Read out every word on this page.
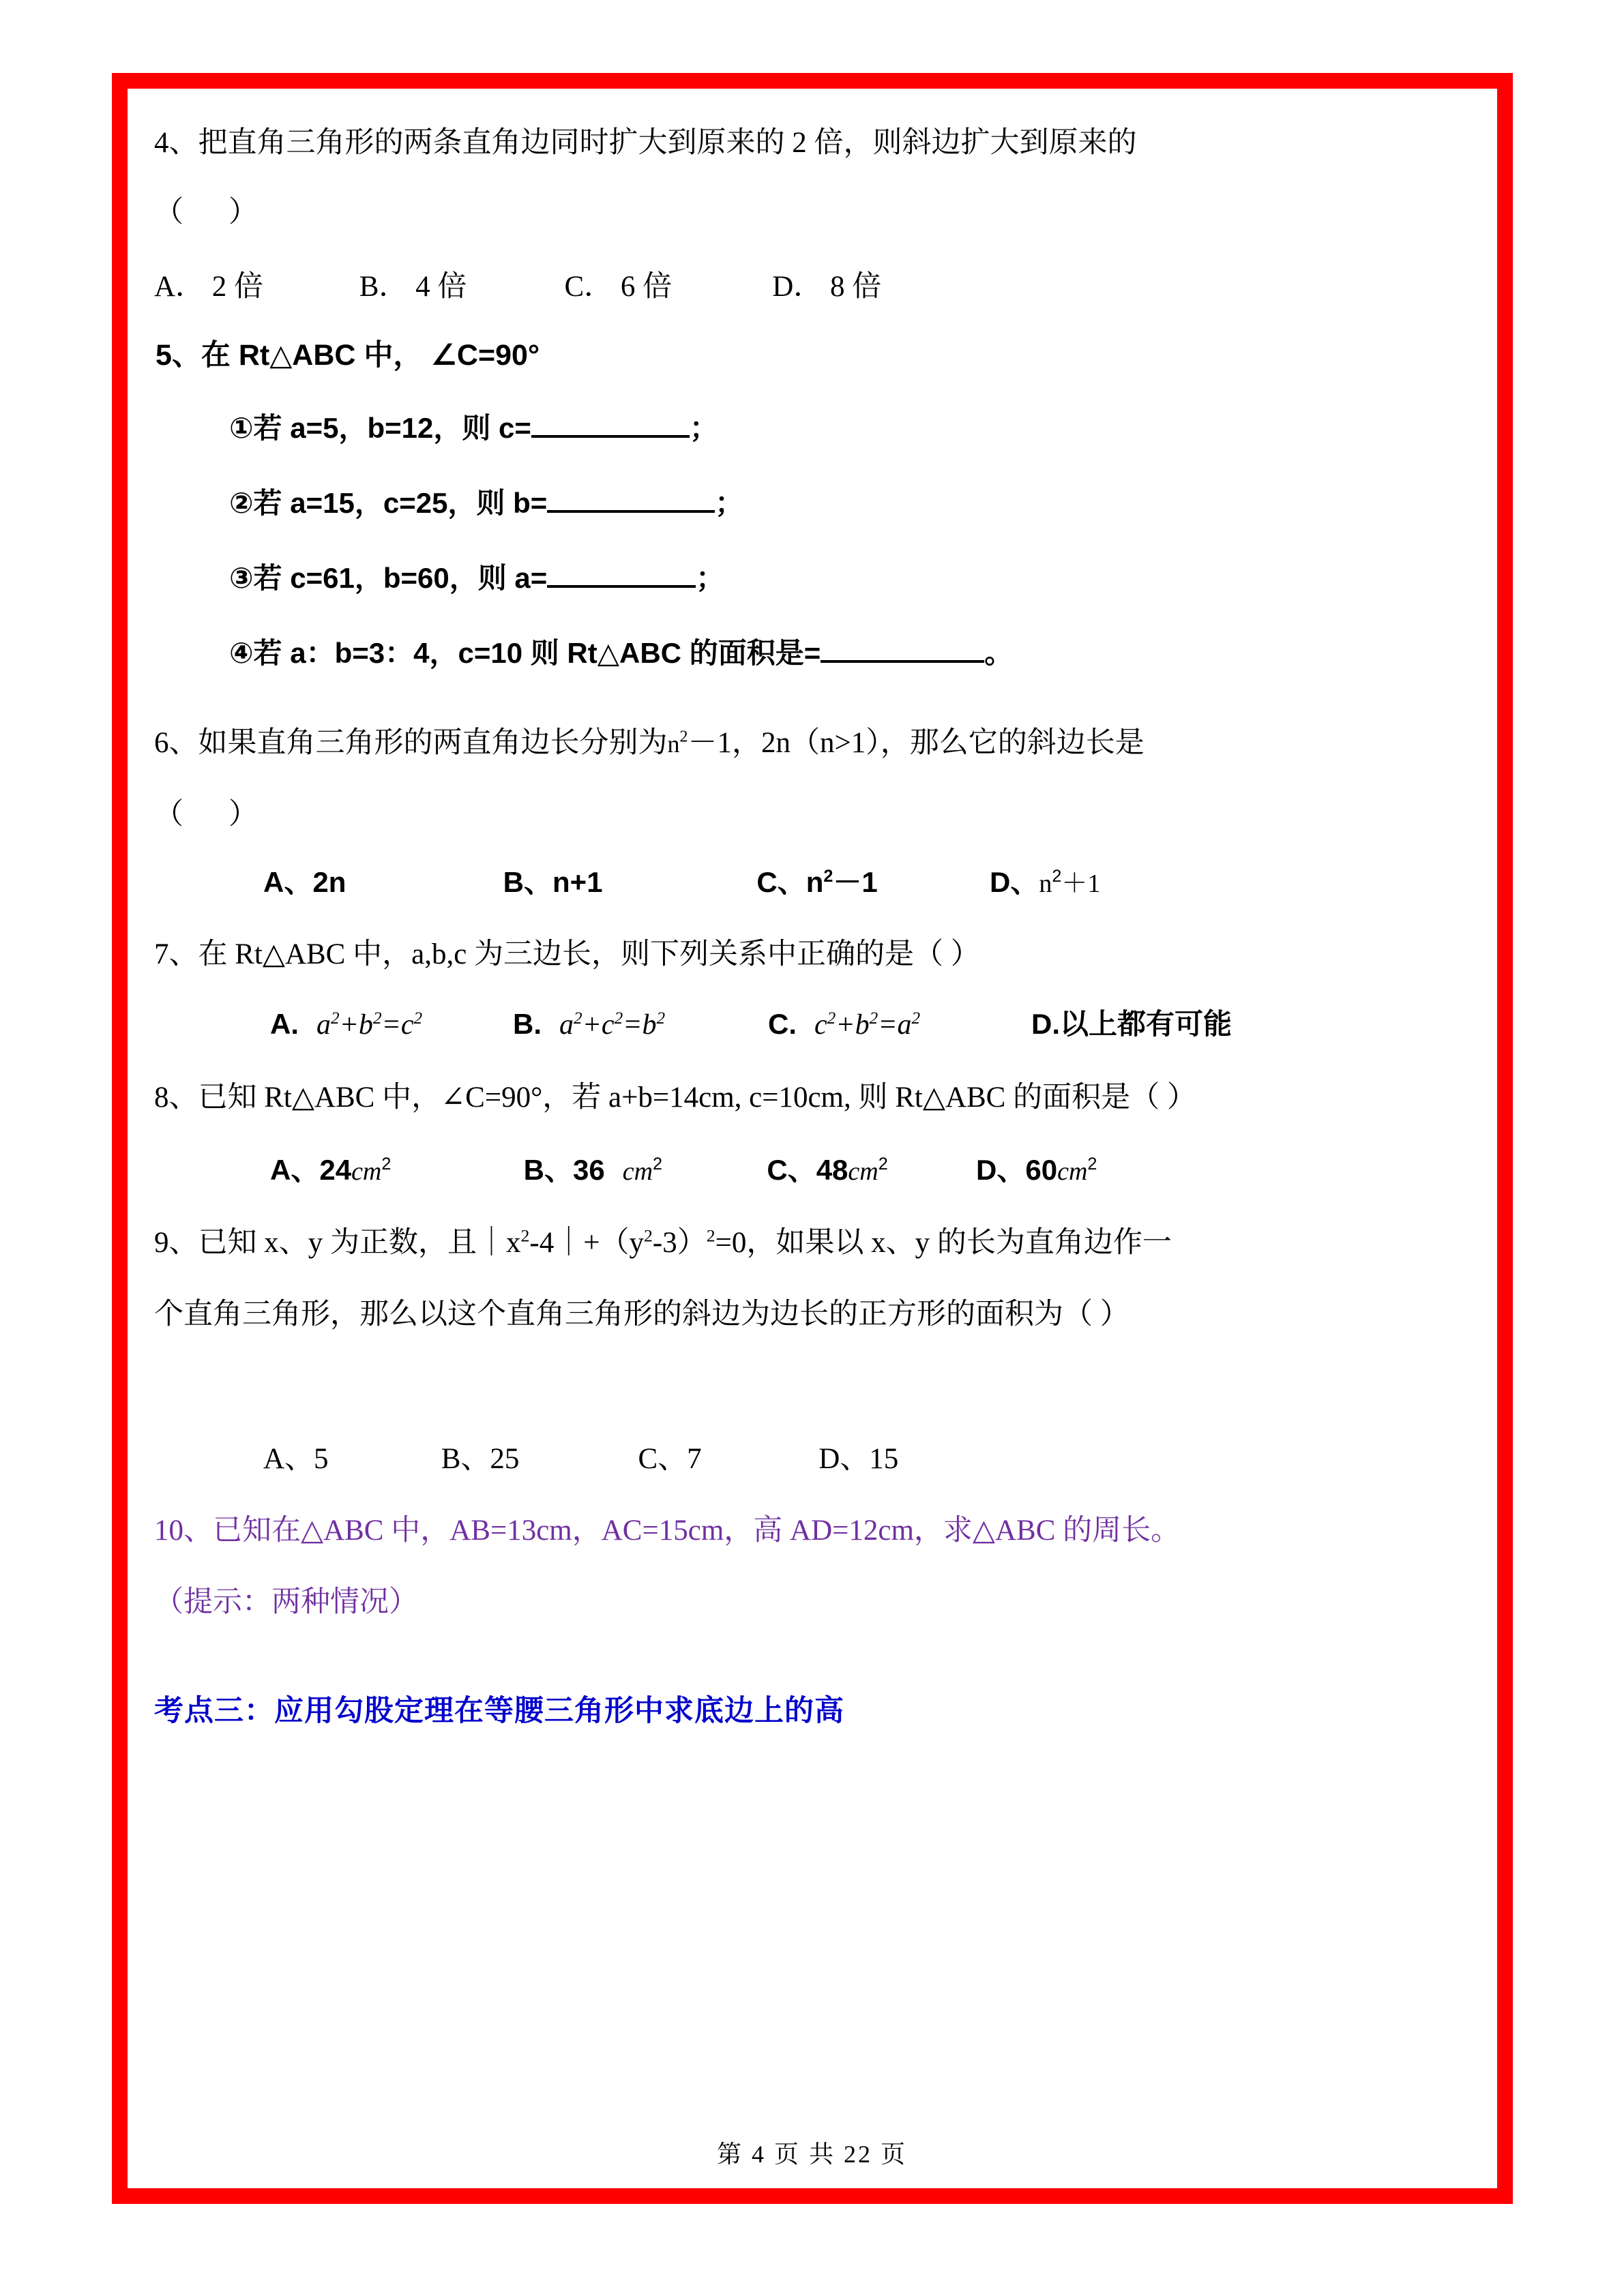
4、把直角三角形的两条直角边同时扩大到原来的 2 倍，则斜边扩大到原来的
（ ）
A． 2 倍	B． 4 倍	C． 6 倍	D． 8 倍
5、在 Rt△ABC 中， ∠C=90°
①若 a=5，b=12，则 c=	；
②若 a=15，c=25，则 b=	；
③若 c=61，b=60，则 a=	；
④若 a：b=3：4，c=10 则 Rt△ABC 的面积是=	。
6、如果直角三角形的两直角边长分别为$n^2-1$，2n（n>1），那么它的斜边长是
（ ）
A、2n	B、n+1	C、$n^2-1$	D、$n^2+1$
7、在 Rt△ABC 中，a,b,c 为三边长，则下列关系中正确的是（ ）
A. $a^2+b^2=c^2$	B. $a^2+c^2=b^2$	C. $c^2+b^2=a^2$	D.以上都有可能
8、已知 Rt△ABC 中，∠C=90°，若 a+b=14cm, c=10cm, 则 Rt△ABC 的面积是（ ）
A、$24cm^2$	B、36 $cm^2$	C、$48cm^2$	D、$60cm^2$
9、已知 x、y 为正数，且$|x^2-4|+(y^2-3)^2=0$，如果以 x、y 的长为直角边作一
个直角三角形，那么以这个直角三角形的斜边为边长的正方形的面积为（ ）
A、5	B、25	C、7	D、15
10、已知在△ABC 中，AB=13cm，AC=15cm，高 AD=12cm，求△ABC 的周长。
（提示：两种情况）
考点三：应用勾股定理在等腰三角形中求底边上的高
第 4 页 共 22 页
